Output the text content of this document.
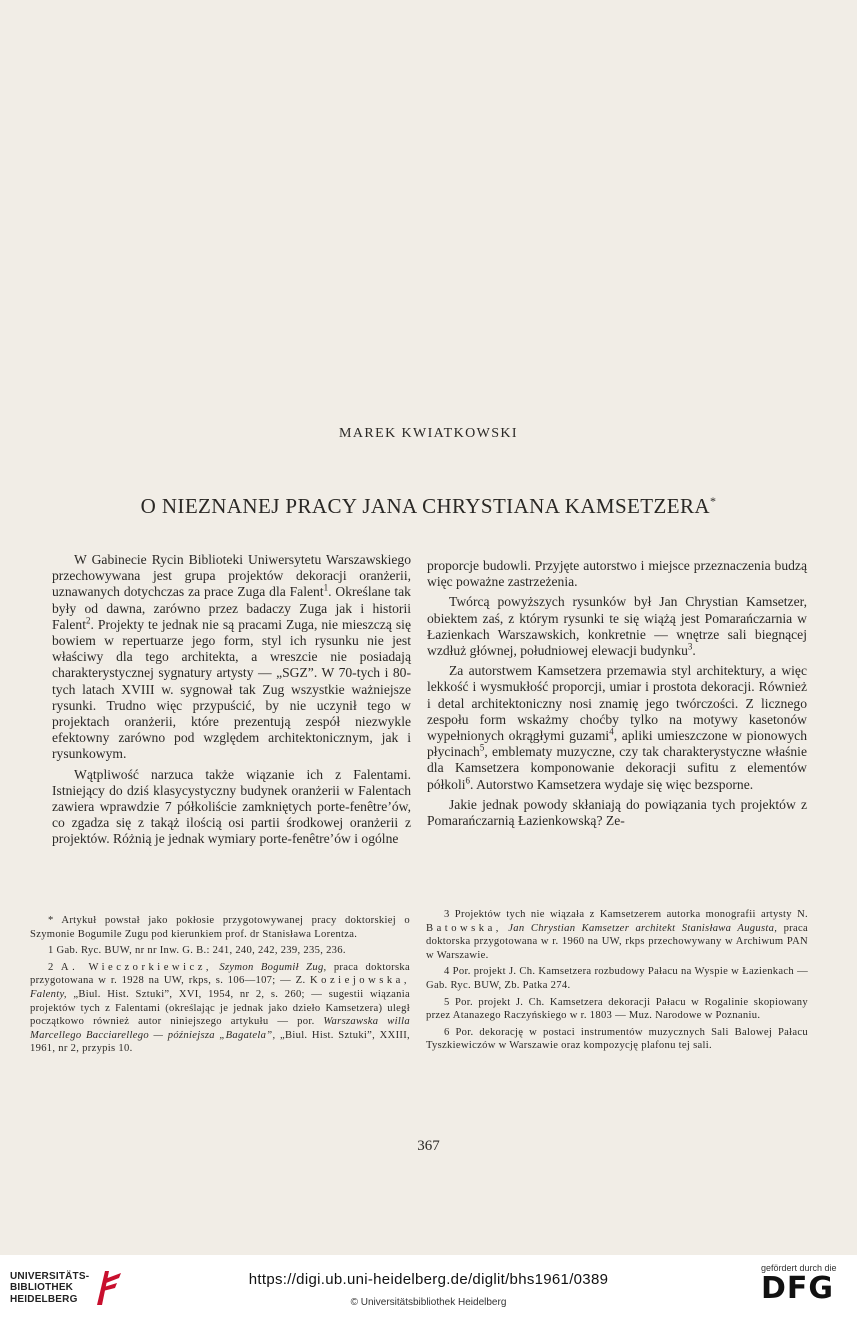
MAREK KWIATKOWSKI
O NIEZNANEJ PRACY JANA CHRYSTIANA KAMSETZERA*

W Gabinecie Rycin Biblioteki Uniwersytetu Warszawskiego przechowywana jest grupa projektów dekoracji oranżerii, uznawanych dotychczas za prace Zuga dla Falent$^1$. Określane tak były od dawna, zarówno przez badaczy Zuga jak i historii Falent$^2$. Projekty te jednak nie są pracami Zuga, nie mieszczą się bowiem w repertuarze jego form, styl ich rysunku nie jest właściwy dla tego architekta, a wreszcie nie posiadają charakterystycznej sygnatury artysty — „SGZ”. W 70-tych i 80-tych latach XVIII w. sygnował tak Zug wszystkie ważniejsze rysunki. Trudno więc przypuścić, by nie uczynił tego w projektach oranżerii, które prezentują zespół niezwykle efektowny zarówno pod względem architektonicznym, jak i rysunkowym.

Wątpliwość narzuca także wiązanie ich z Falentami. Istniejący do dziś klasycystyczny budynek oranżerii w Falentach zawiera wprawdzie 7 półkoliście zamkniętych porte-fenêtre’ów, co zgadza się z takąż ilością osi partii środkowej oranżerii z projektów. Różnią je jednak wymiary porte-fenêtre’ów i ogólne

proporcje budowli. Przyjęte autorstwo i miejsce przeznaczenia budzą więc poważne zastrzeżenia.

Twórcą powyższych rysunków był Jan Chrystian Kamsetzer, obiektem zaś, z którym rysunki te się wiążą jest Pomarańczarnia w Łazienkach Warszawskich, konkretnie — wnętrze sali biegnącej wzdłuż głównej, południowej elewacji budynku$^3$.

Za autorstwem Kamsetzera przemawia styl architektury, a więc lekkość i wysmukłość proporcji, umiar i prostota dekoracji. Również i detal architektoniczny nosi znamię jego twórczości. Z licznego zespołu form wskażmy choćby tylko na motywy kasetonów wypełnionych okrągłymi guzami$^4$, apliki umieszczone w pionowych płycinach$^5$, emblematy muzyczne, czy tak charakterystyczne właśnie dla Kamsetzera komponowanie dekoracji sufitu z elementów półkoli$^6$. Autorstwo Kamsetzera wydaje się więc bezsporne.

Jakie jednak powody skłaniają do powiązania tych projektów z Pomarańczarnią Łazienkowską? Ze-

* Artykuł powstał jako pokłosie przygotowywanej pracy doktorskiej o Szymonie Bogumile Zugu pod kierunkiem prof. dr Stanisława Lorentza.

1 Gab. Ryc. BUW, nr nr Inw. G. B.: 241, 240, 242, 239, 235, 236.

2 A. Wieczorkiewicz, Szymon Bogumił Zug, praca doktorska przygotowana w r. 1928 na UW, rkps, s. 106—107; — Z. Koziejowska, Falenty, „Biul. Hist. Sztuki”, XVI, 1954, nr 2, s. 260; — sugestii wiązania projektów tych z Falentami (określając je jednak jako dzieło Kamsetzera) uległ początkowo również autor niniejszego artykułu — por. Warszawska willa Marcellego Bacciarellego — późniejsza „Bagatela”, „Biul. Hist. Sztuki”, XXIII, 1961, nr 2, przypis 10.

3 Projektów tych nie wiązała z Kamsetzerem autorka monografii artysty N. Batowska, Jan Chrystian Kamsetzer architekt Stanisława Augusta, praca doktorska przygotowana w r. 1960 na UW, rkps przechowywany w Archiwum PAN w Warszawie.

4 Por. projekt J. Ch. Kamsetzera rozbudowy Pałacu na Wyspie w Łazienkach — Gab. Ryc. BUW, Zb. Patka 274.

5 Por. projekt J. Ch. Kamsetzera dekoracji Pałacu w Rogalinie skopiowany przez Atanazego Raczyńskiego w r. 1803 — Muz. Narodowe w Poznaniu.

6 Por. dekorację w postaci instrumentów muzycznych Sali Balowej Pałacu Tyszkiewiczów w Warszawie oraz kompozycję plafonu tej sali.

367
UNIVERSITÄTS-
BIBLIOTHEK
HEIDELBERG
https://digi.ub.uni-heidelberg.de/diglit/bhs1961/0389
© Universitätsbibliothek Heidelberg
gefördert durch die
DFG
